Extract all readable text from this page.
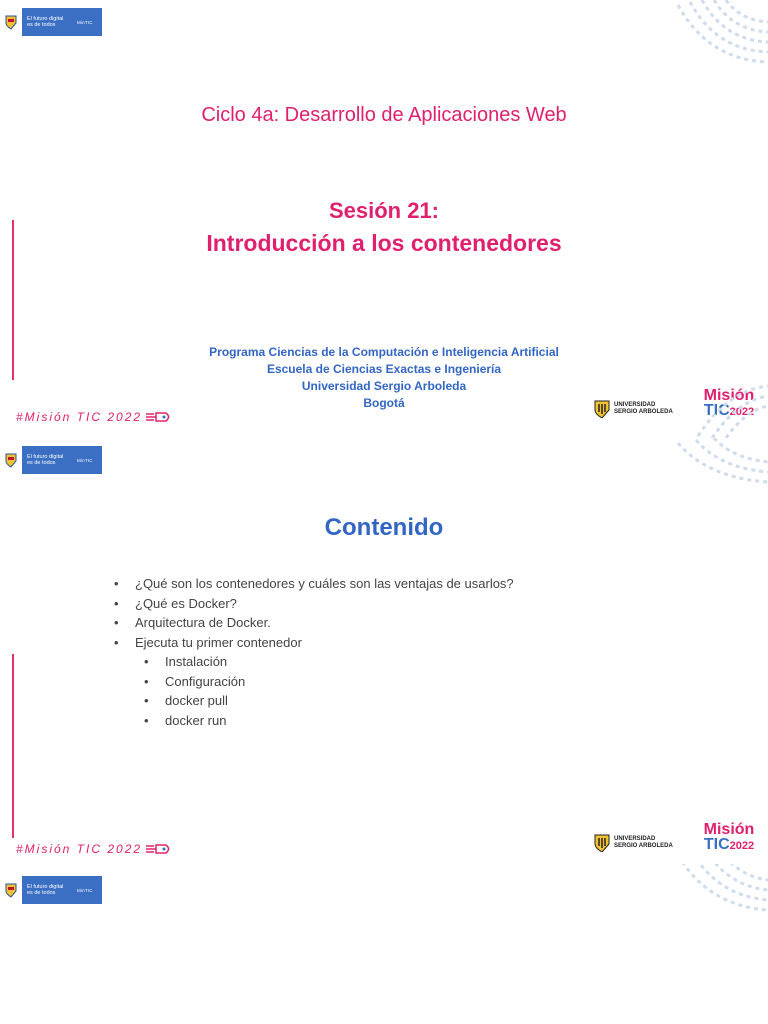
El futuro digital
es de todos	MinTIC
Ciclo 4a: Desarrollo de Aplicaciones Web
Sesión 21:
Introducción a los contenedores
Programa Ciencias de la Computación e Inteligencia Artificial
Escuela de Ciencias Exactas e Ingeniería
Universidad Sergio Arboleda
Bogotá
#Misión TIC 2022
UNIVERSIDAD
SERGIO ARBOLEDA
Misión
TIC2022
El futuro digital
es de todos	MinTIC
Contenido
• ¿Qué son los contenedores y cuáles son las ventajas de usarlos?
• ¿Qué es Docker?
• Arquitectura de Docker.
• Ejecuta tu primer contenedor
• Instalación
• Configuración
• docker pull
• docker run
#Misión TIC 2022
UNIVERSIDAD
SERGIO ARBOLEDA
Misión
TIC2022
El futuro digital
es de todos	MinTIC
